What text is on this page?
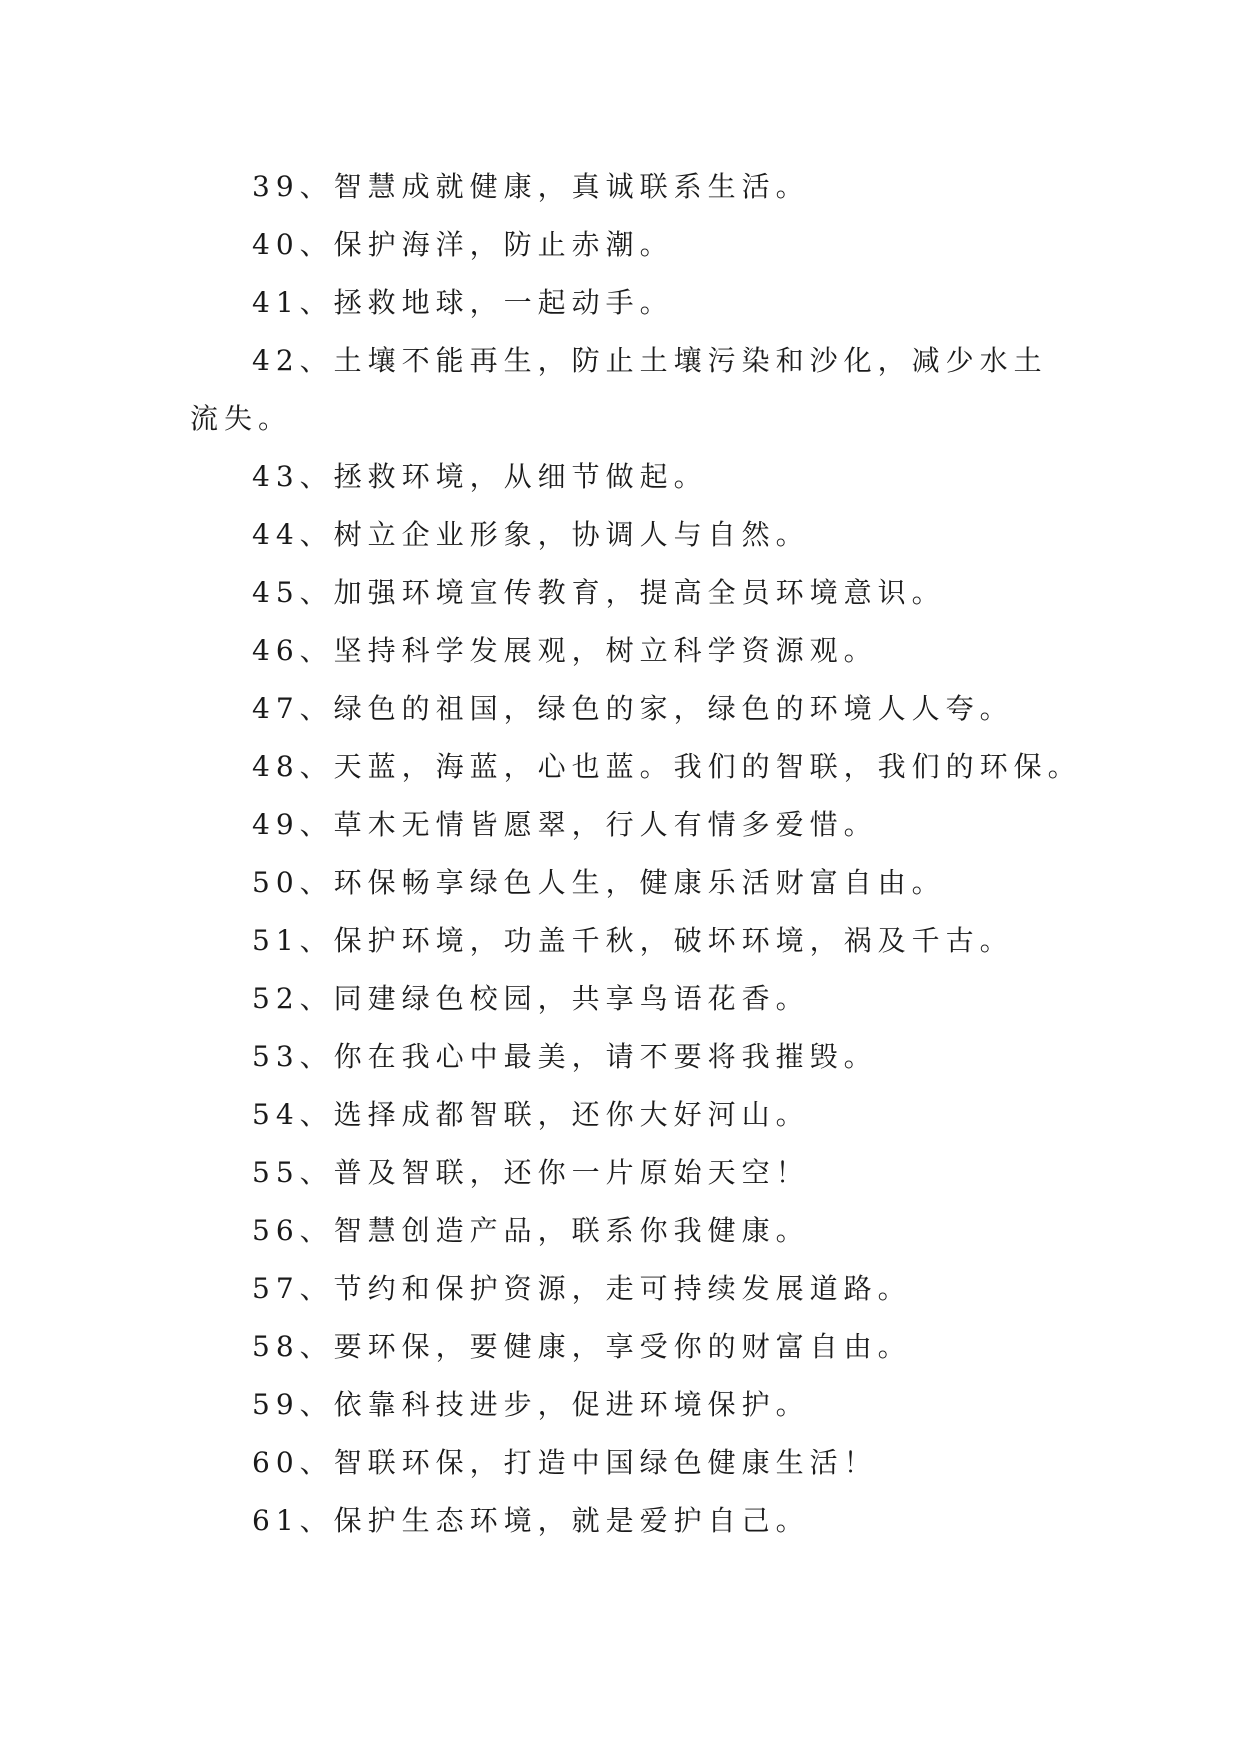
39、智慧成就健康，真诚联系生活。
40、保护海洋，防止赤潮。
41、拯救地球，一起动手。
42、土壤不能再生，防止土壤污染和沙化，减少水土流失。
43、拯救环境，从细节做起。
44、树立企业形象，协调人与自然。
45、加强环境宣传教育，提高全员环境意识。
46、坚持科学发展观，树立科学资源观。
47、绿色的祖国，绿色的家，绿色的环境人人夸。
48、天蓝，海蓝，心也蓝。我们的智联，我们的环保。
49、草木无情皆愿翠，行人有情多爱惜。
50、环保畅享绿色人生，健康乐活财富自由。
51、保护环境，功盖千秋，破坏环境，祸及千古。
52、同建绿色校园，共享鸟语花香。
53、你在我心中最美，请不要将我摧毁。
54、选择成都智联，还你大好河山。
55、普及智联，还你一片原始天空！
56、智慧创造产品，联系你我健康。
57、节约和保护资源，走可持续发展道路。
58、要环保，要健康，享受你的财富自由。
59、依靠科技进步，促进环境保护。
60、智联环保，打造中国绿色健康生活！
61、保护生态环境，就是爱护自己。
